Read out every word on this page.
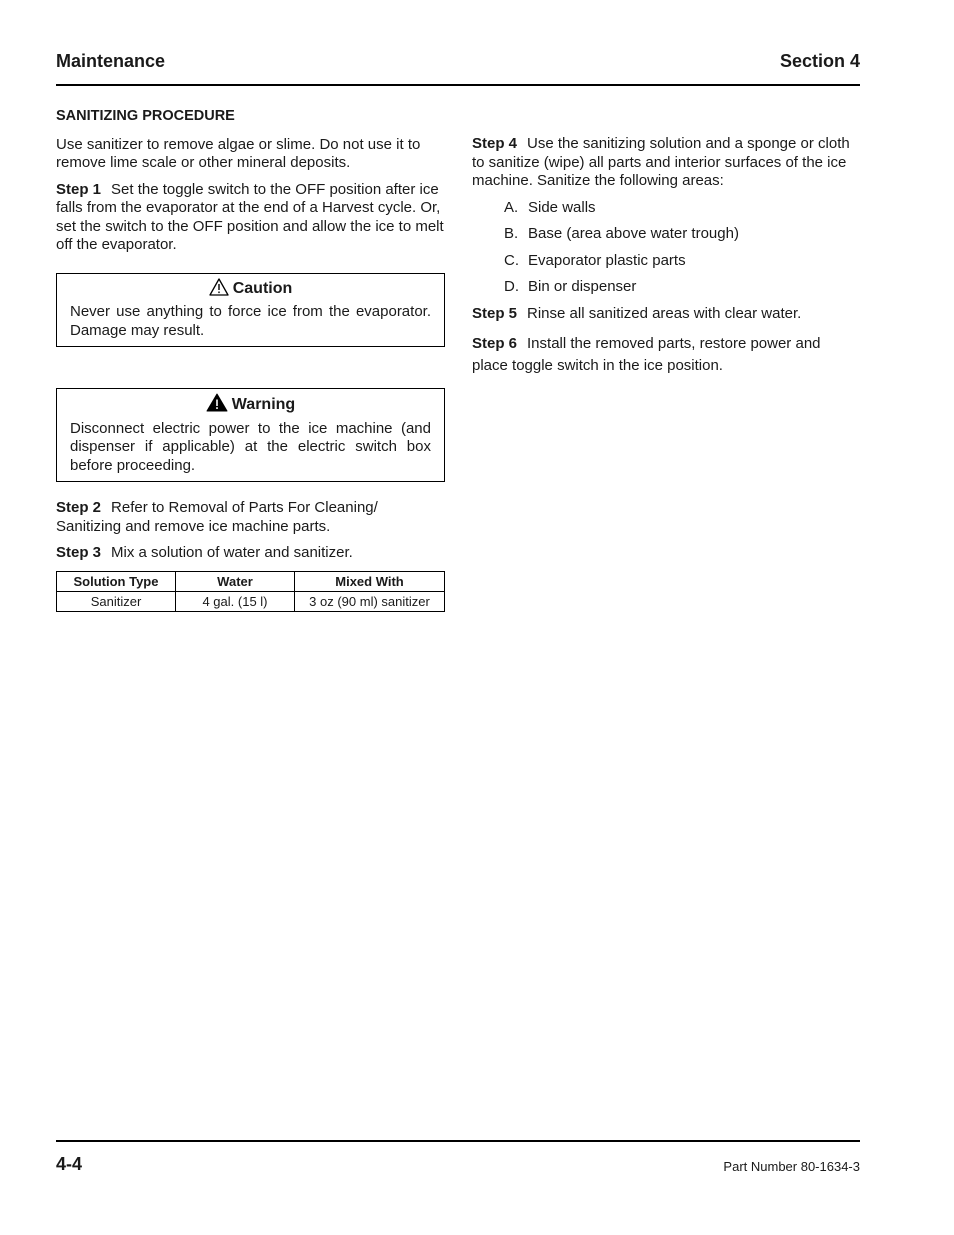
Maintenance	Section 4
SANITIZING PROCEDURE

Use sanitizer to remove algae or slime. Do not use it to remove lime scale or other mineral deposits.

Step 1 Set the toggle switch to the OFF position after ice falls from the evaporator at the end of a Harvest cycle. Or, set the switch to the OFF position and allow the ice to melt off the evaporator.

Caution
Never use anything to force ice from the evaporator. Damage may result.
Warning
Disconnect electric power to the ice machine (and dispenser if applicable) at the electric switch box before proceeding.

Step 2 Refer to Removal of Parts For Cleaning/ Sanitizing and remove ice machine parts.

Step 3 Mix a solution of water and sanitizer.

Solution Type	Water	Mixed With
Sanitizer	4 gal. (15 l)	3 oz (90 ml) sanitizer

Step 4 Use the sanitizing solution and a sponge or cloth to sanitize (wipe) all parts and interior surfaces of the ice machine. Sanitize the following areas:

A. Side walls
B. Base (area above water trough)
C. Evaporator plastic parts
D. Bin or dispenser

Step 5 Rinse all sanitized areas with clear water.

Step 6 Install the removed parts, restore power and place toggle switch in the ice position.

4-4	Part Number 80-1634-3
